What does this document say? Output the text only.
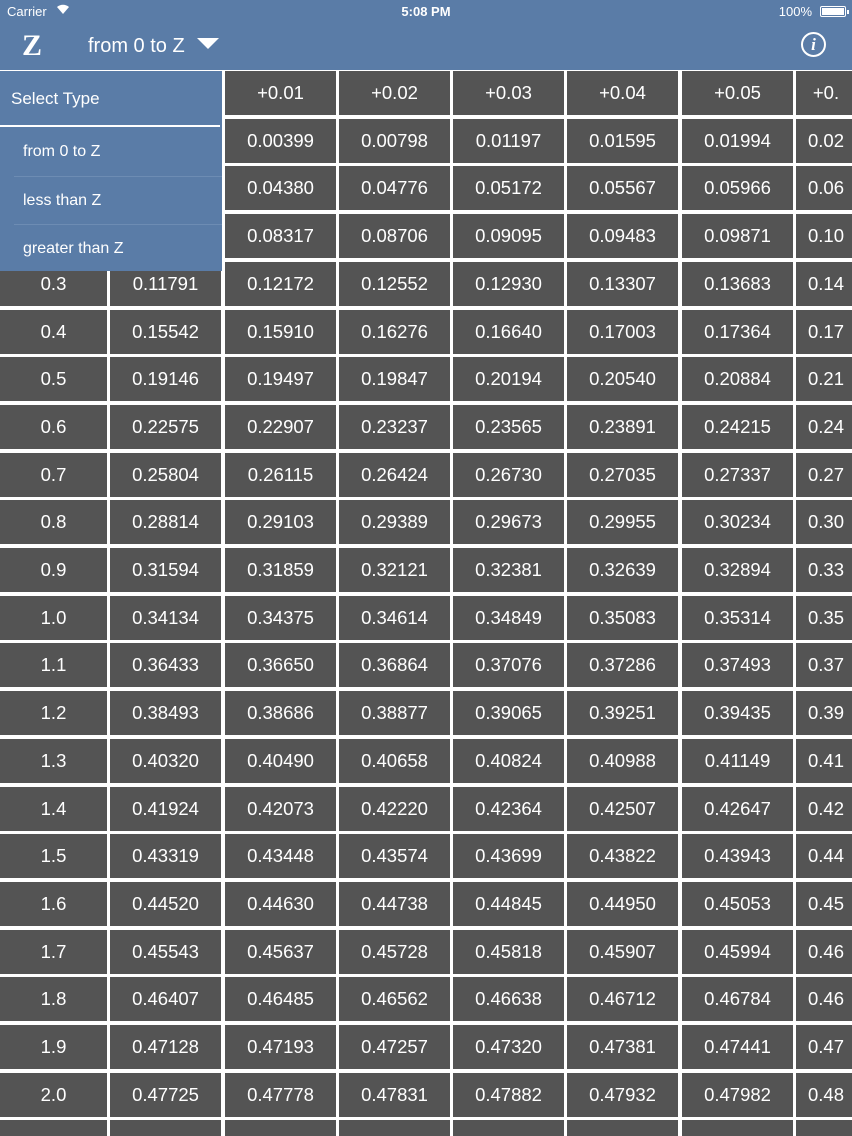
Carrier	5:08 PM	100%
Z from 0 to Z	i
+0.01	+0.02	+0.03	+0.04	+0.05	+0.
0.00399	0.00798	0.01197	0.01595	0.01994	0.02
0.04380	0.04776	0.05172	0.05567	0.05966	0.06
0.08317	0.08706	0.09095	0.09483	0.09871	0.10
0.3	0.11791	0.12172	0.12552	0.12930	0.13307	0.13683	0.14
0.4	0.15542	0.15910	0.16276	0.16640	0.17003	0.17364	0.17
0.5	0.19146	0.19497	0.19847	0.20194	0.20540	0.20884	0.21
0.6	0.22575	0.22907	0.23237	0.23565	0.23891	0.24215	0.24
0.7	0.25804	0.26115	0.26424	0.26730	0.27035	0.27337	0.27
0.8	0.28814	0.29103	0.29389	0.29673	0.29955	0.30234	0.30
0.9	0.31594	0.31859	0.32121	0.32381	0.32639	0.32894	0.33
1.0	0.34134	0.34375	0.34614	0.34849	0.35083	0.35314	0.35
1.1	0.36433	0.36650	0.36864	0.37076	0.37286	0.37493	0.37
1.2	0.38493	0.38686	0.38877	0.39065	0.39251	0.39435	0.39
1.3	0.40320	0.40490	0.40658	0.40824	0.40988	0.41149	0.41
1.4	0.41924	0.42073	0.42220	0.42364	0.42507	0.42647	0.42
1.5	0.43319	0.43448	0.43574	0.43699	0.43822	0.43943	0.44
1.6	0.44520	0.44630	0.44738	0.44845	0.44950	0.45053	0.45
1.7	0.45543	0.45637	0.45728	0.45818	0.45907	0.45994	0.46
1.8	0.46407	0.46485	0.46562	0.46638	0.46712	0.46784	0.46
1.9	0.47128	0.47193	0.47257	0.47320	0.47381	0.47441	0.47
2.0	0.47725	0.47778	0.47831	0.47882	0.47932	0.47982	0.48
Select Type
from 0 to Z
less than Z
greater than Z
